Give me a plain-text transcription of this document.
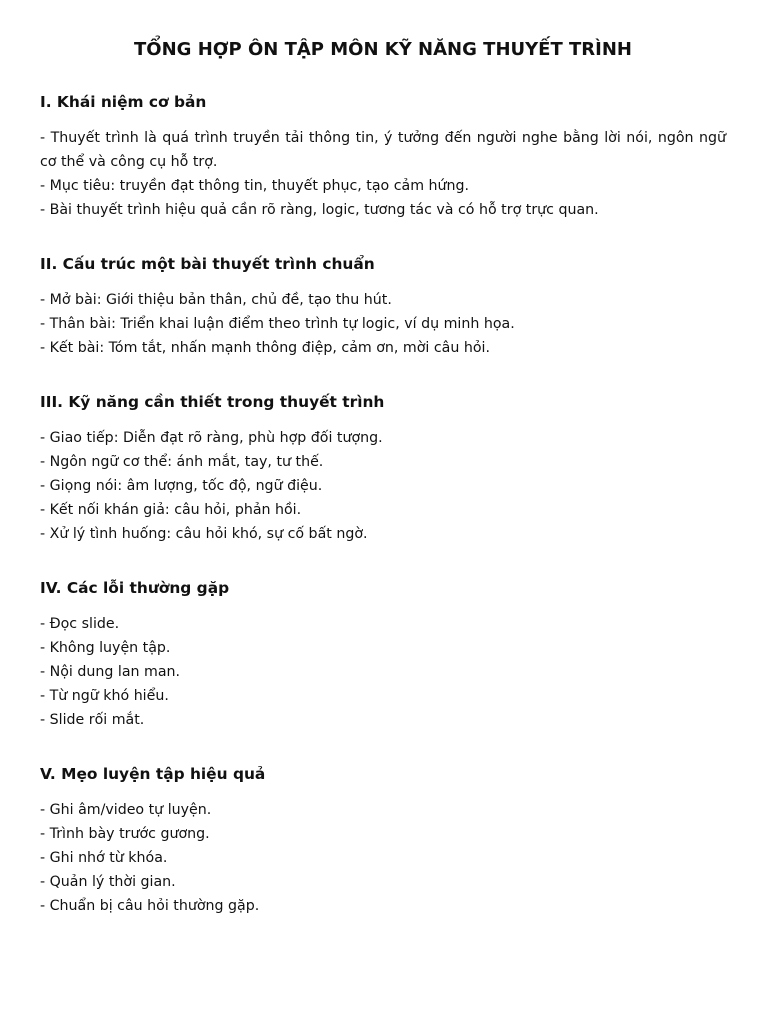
TỔNG HỢP ÔN TẬP MÔN KỸ NĂNG THUYẾT TRÌNH
I. Khái niệm cơ bản

- Thuyết trình là quá trình truyền tải thông tin, ý tưởng đến người nghe bằng lời nói, ngôn ngữ cơ thể và công cụ hỗ trợ.

- Mục tiêu: truyền đạt thông tin, thuyết phục, tạo cảm hứng.

- Bài thuyết trình hiệu quả cần rõ ràng, logic, tương tác và có hỗ trợ trực quan.

II. Cấu trúc một bài thuyết trình chuẩn

- Mở bài: Giới thiệu bản thân, chủ đề, tạo thu hút.

- Thân bài: Triển khai luận điểm theo trình tự logic, ví dụ minh họa.

- Kết bài: Tóm tắt, nhấn mạnh thông điệp, cảm ơn, mời câu hỏi.

III. Kỹ năng cần thiết trong thuyết trình

- Giao tiếp: Diễn đạt rõ ràng, phù hợp đối tượng.

- Ngôn ngữ cơ thể: ánh mắt, tay, tư thế.

- Giọng nói: âm lượng, tốc độ, ngữ điệu.

- Kết nối khán giả: câu hỏi, phản hồi.

- Xử lý tình huống: câu hỏi khó, sự cố bất ngờ.

IV. Các lỗi thường gặp

- Đọc slide.

- Không luyện tập.

- Nội dung lan man.

- Từ ngữ khó hiểu.

- Slide rối mắt.

V. Mẹo luyện tập hiệu quả

- Ghi âm/video tự luyện.

- Trình bày trước gương.

- Ghi nhớ từ khóa.

- Quản lý thời gian.

- Chuẩn bị câu hỏi thường gặp.
